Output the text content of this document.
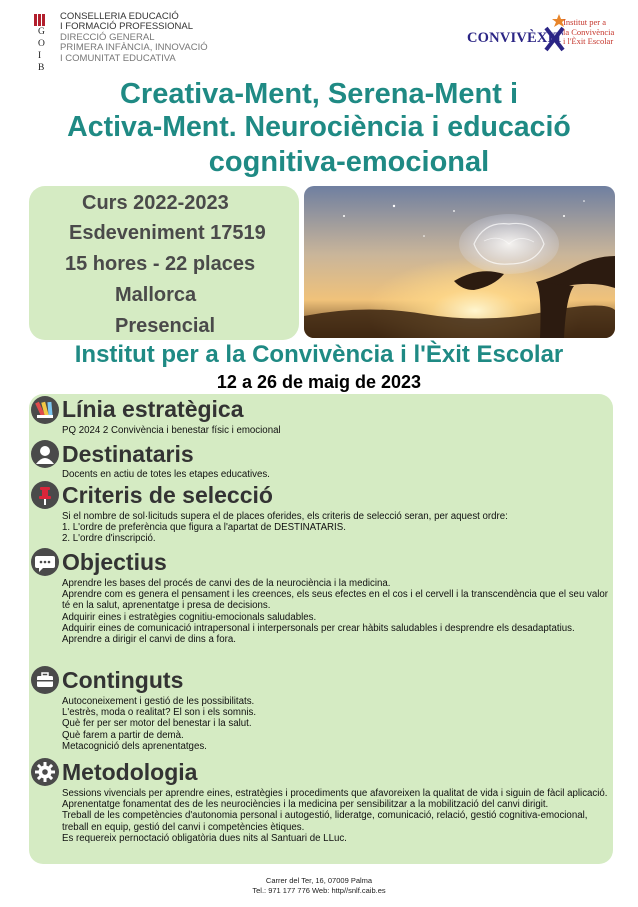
G
O
I
B
CONSELLERIA EDUCACIÓ
I FORMACIÓ PROFESSIONAL
DIRECCIÓ GENERAL
PRIMERA INFÀNCIA, INNOVACIÓ
I COMUNITAT EDUCATIVA
CONVIVÈXIT
Institut per a
la Convivència
i l'Èxit Escolar
Creativa-Ment, Serena-Ment i
Activa-Ment. Neurociència i educació
cognitiva-emocional
Curs 2022-2023
Esdeveniment 17519
15 hores - 22 places
Mallorca
Presencial
Institut per a la Convivència i l'Èxit Escolar
12 a 26 de maig de 2023
Línia estratègica
PQ 2024 2 Convivència i benestar físic i emocional
Destinataris
Docents en actiu de totes les etapes educatives.
Criteris de selecció
Si el nombre de sol·licituds supera el de places oferides, els criteris de selecció seran, per aquest ordre:
1. L'ordre de preferència que figura a l'apartat de DESTINATARIS.
2. L'ordre d'inscripció.
Objectius
Aprendre les bases del procés de canvi des de la neurociència i la medicina.
Aprendre com es genera el pensament i les creences, els seus efectes en el cos i el cervell i la transcendència que el seu valor té en la salut, aprenentatge i presa de decisions.
Adquirir eines i estratègies cognitiu-emocionals saludables.
Adquirir eines de comunicació intrapersonal i interpersonals per crear hàbits saludables i desprendre els desadaptatius.
Aprendre a dirigir el canvi de dins a fora.
Continguts
Autoconeixement i gestió de les possibilitats.
L'estrès, moda o realitat? El son i els somnis.
Què fer per ser motor del benestar i la salut.
Què farem a partir de demà.
Metacognició dels aprenentatges.
Metodologia
Sessions vivencials per aprendre eines, estratègies i procediments que afavoreixen la qualitat de vida i siguin de fàcil aplicació.
Aprenentatge fonamentat des de les neurociències i la medicina per sensibilitzar a la mobilització del canvi dirigit.
Treball de les competències d'autonomia personal i autogestió, lideratge, comunicació, relació, gestió cognitiva-emocional, treball en equip, gestió del canvi i competències ètiques.
Es requereix pernoctació obligatòria dues nits al Santuari de LLuc.
Carrer del Ter, 16, 07009 Palma
Tel.: 971 177 776 Web: http//snlf.caib.es
